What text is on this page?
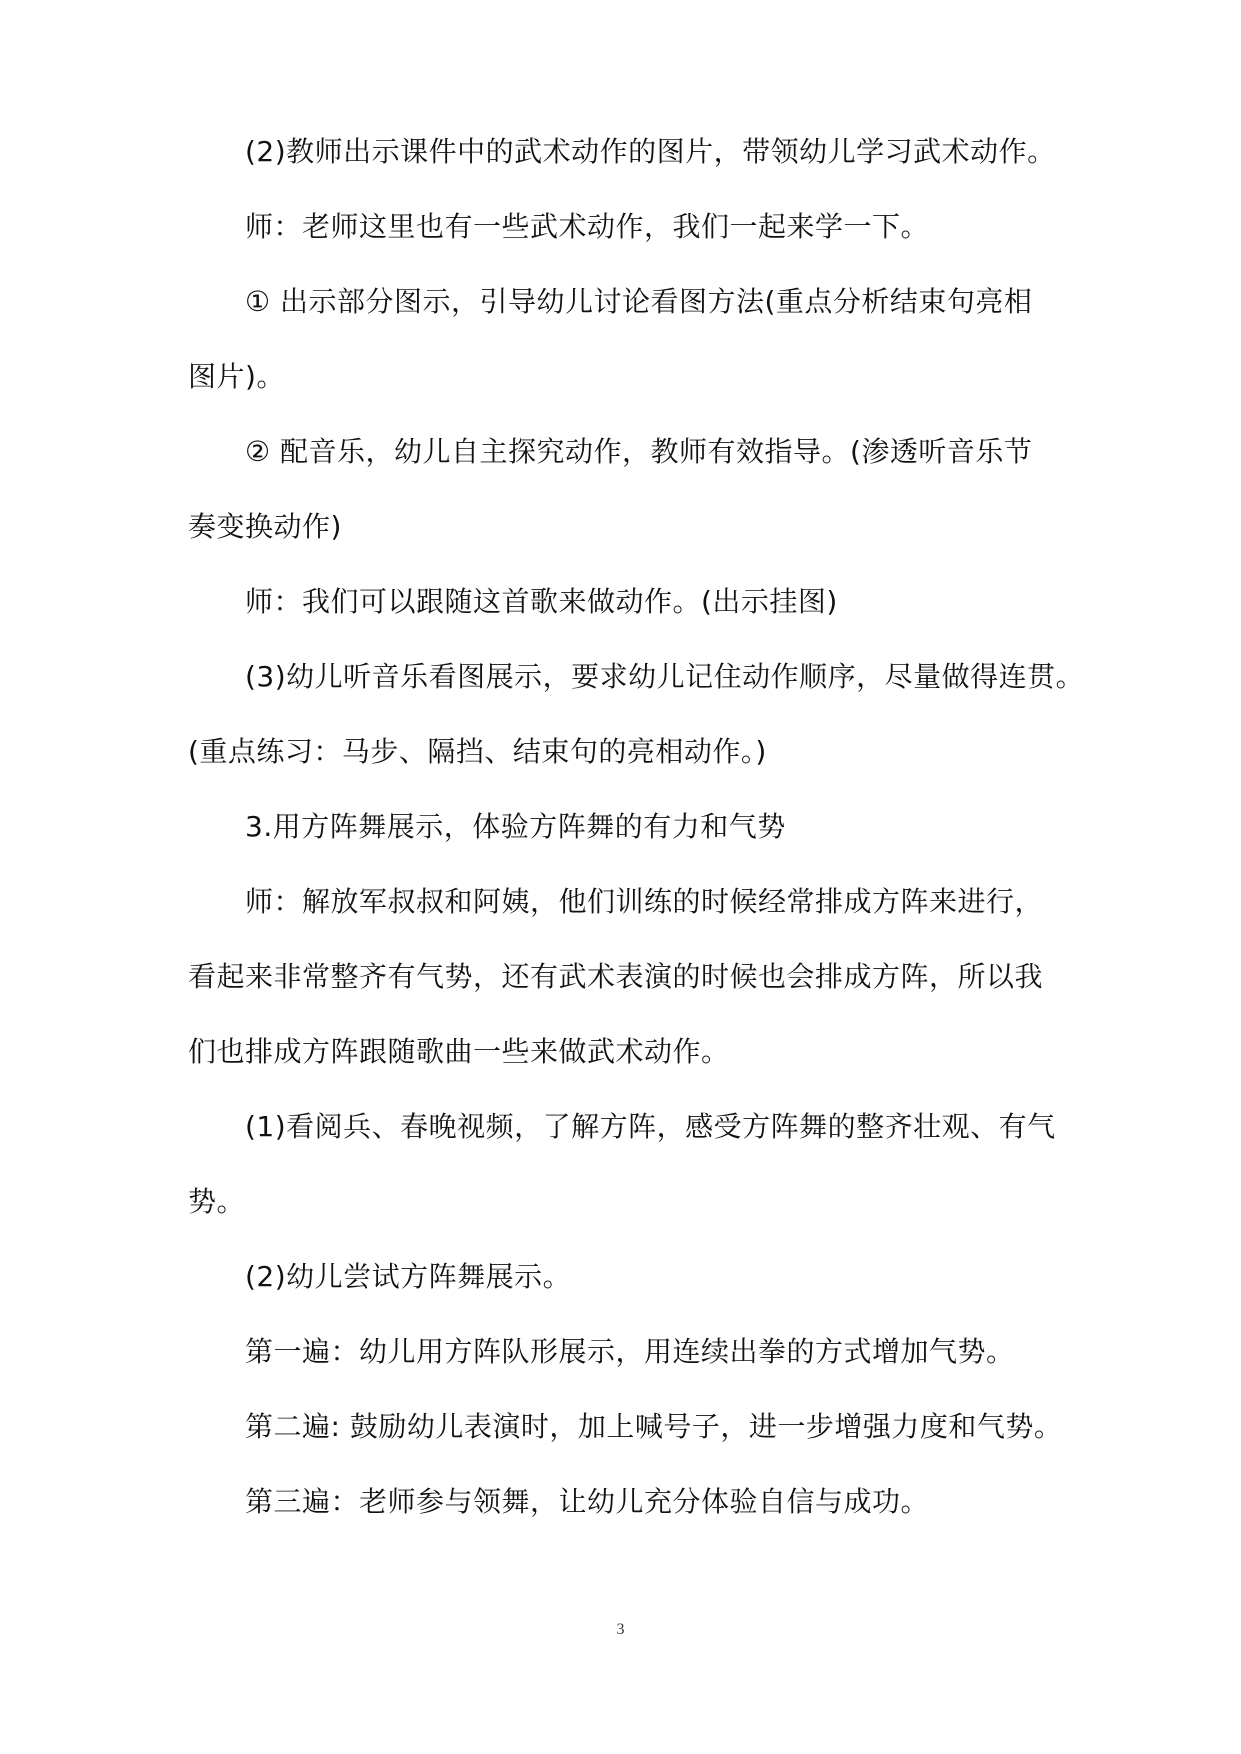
(2)教师出示课件中的武术动作的图片，带领幼儿学习武术动作。
师：老师这里也有一些武术动作，我们一起来学一下。
① 出示部分图示，引导幼儿讨论看图方法(重点分析结束句亮相
图片)。
② 配音乐，幼儿自主探究动作，教师有效指导。(渗透听音乐节
奏变换动作)
师：我们可以跟随这首歌来做动作。(出示挂图)
(3)幼儿听音乐看图展示，要求幼儿记住动作顺序，尽量做得连贯。
(重点练习：马步、隔挡、结束句的亮相动作。)
3.用方阵舞展示，体验方阵舞的有力和气势
师：解放军叔叔和阿姨，他们训练的时候经常排成方阵来进行，
看起来非常整齐有气势，还有武术表演的时候也会排成方阵，所以我
们也排成方阵跟随歌曲一些来做武术动作。
(1)看阅兵、春晚视频，了解方阵，感受方阵舞的整齐壮观、有气
势。
(2)幼儿尝试方阵舞展示。
第一遍：幼儿用方阵队形展示，用连续出拳的方式增加气势。
第二遍: 鼓励幼儿表演时，加上喊号子，进一步增强力度和气势。
第三遍：老师参与领舞，让幼儿充分体验自信与成功。
3
